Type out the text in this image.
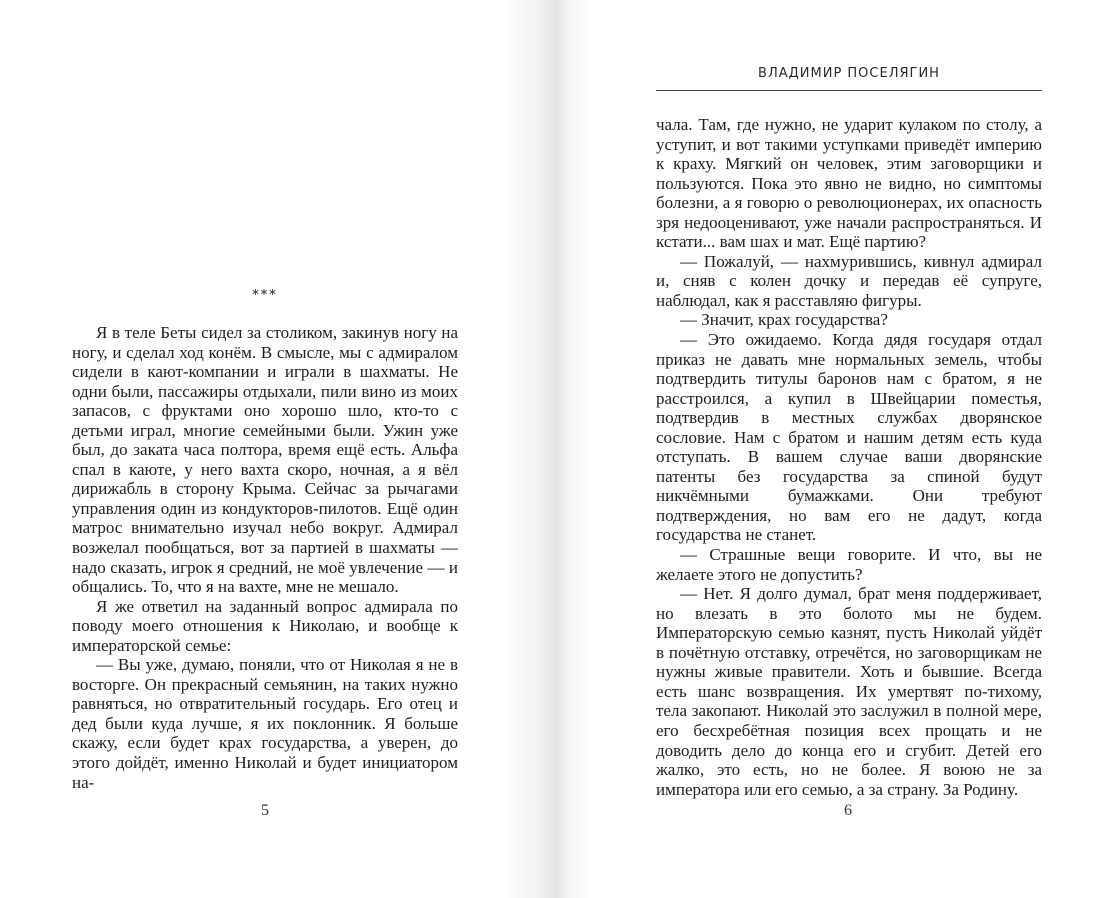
***

Я в теле Беты сидел за столиком, закинув ногу на ногу, и сделал ход конём. В смысле, мы с адмиралом сидели в кают-компании и играли в шахматы. Не одни были, пассажиры отдыхали, пили вино из моих запасов, с фруктами оно хорошо шло, кто-то с детьми играл, многие семейными были. Ужин уже был, до заката часа полтора, время ещё есть. Альфа спал в каюте, у него вахта скоро, ночная, а я вёл дирижабль в сторону Крыма. Сейчас за рычагами управления один из кондукторов-пилотов. Ещё один матрос внимательно изучал небо вокруг. Адмирал возжелал пообщаться, вот за партией в шахматы — надо сказать, игрок я средний, не моё увлечение — и общались. То, что я на вахте, мне не мешало.

Я же ответил на заданный вопрос адмирала по поводу моего отношения к Николаю, и вообще к императорской семье:

— Вы уже, думаю, поняли, что от Николая я не в восторге. Он прекрасный семьянин, на таких нужно равняться, но отвратительный государь. Его отец и дед были куда лучше, я их поклонник. Я больше скажу, если будет крах государства, а уверен, до этого дойдёт, именно Николай и будет инициатором на-

5
ВЛАДИМИР ПОСЕЛЯГИН

чала. Там, где нужно, не ударит кулаком по столу, а уступит, и вот такими уступками приведёт империю к краху. Мягкий он человек, этим заговорщики и пользуются. Пока это явно не видно, но симптомы болезни, а я говорю о революционерах, их опасность зря недооценивают, уже начали распространяться. И кстати... вам шах и мат. Ещё партию?

— Пожалуй, — нахмурившись, кивнул адмирал и, сняв с колен дочку и передав её супруге, наблюдал, как я расставляю фигуры.

— Значит, крах государства?

— Это ожидаемо. Когда дядя государя отдал приказ не давать мне нормальных земель, чтобы подтвердить титулы баронов нам с братом, я не расстроился, а купил в Швейцарии поместья, подтвердив в местных службах дворянское сословие. Нам с братом и нашим детям есть куда отступать. В вашем случае ваши дворянские патенты без государства за спиной будут никчёмными бумажками. Они требуют подтверждения, но вам его не дадут, когда государства не станет.

— Страшные вещи говорите. И что, вы не желаете этого не допустить?

— Нет. Я долго думал, брат меня поддерживает, но влезать в это болото мы не будем. Императорскую семью казнят, пусть Николай уйдёт в почётную отставку, отречётся, но заговорщикам не нужны живые правители. Хоть и бывшие. Всегда есть шанс возвращения. Их умертвят по-тихому, тела закопают. Николай это заслужил в полной мере, его бесхребётная позиция всех прощать и не доводить дело до конца его и сгубит. Детей его жалко, это есть, но не более. Я воюю не за императора или его семью, а за страну. За Родину.

6
